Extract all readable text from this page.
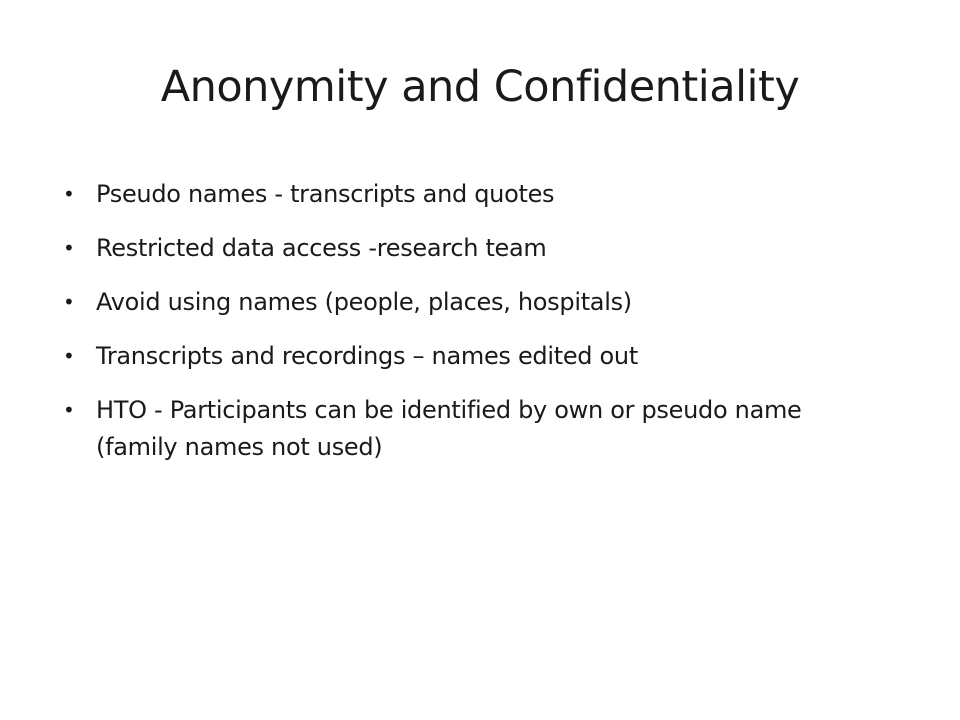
Anonymity and Confidentiality
• Pseudo names - transcripts and quotes
• Restricted data access -research team
• Avoid using names (people, places, hospitals)
• Transcripts and recordings – names edited out
• HTO - Participants can be identified by own or pseudo name (family names not used)
